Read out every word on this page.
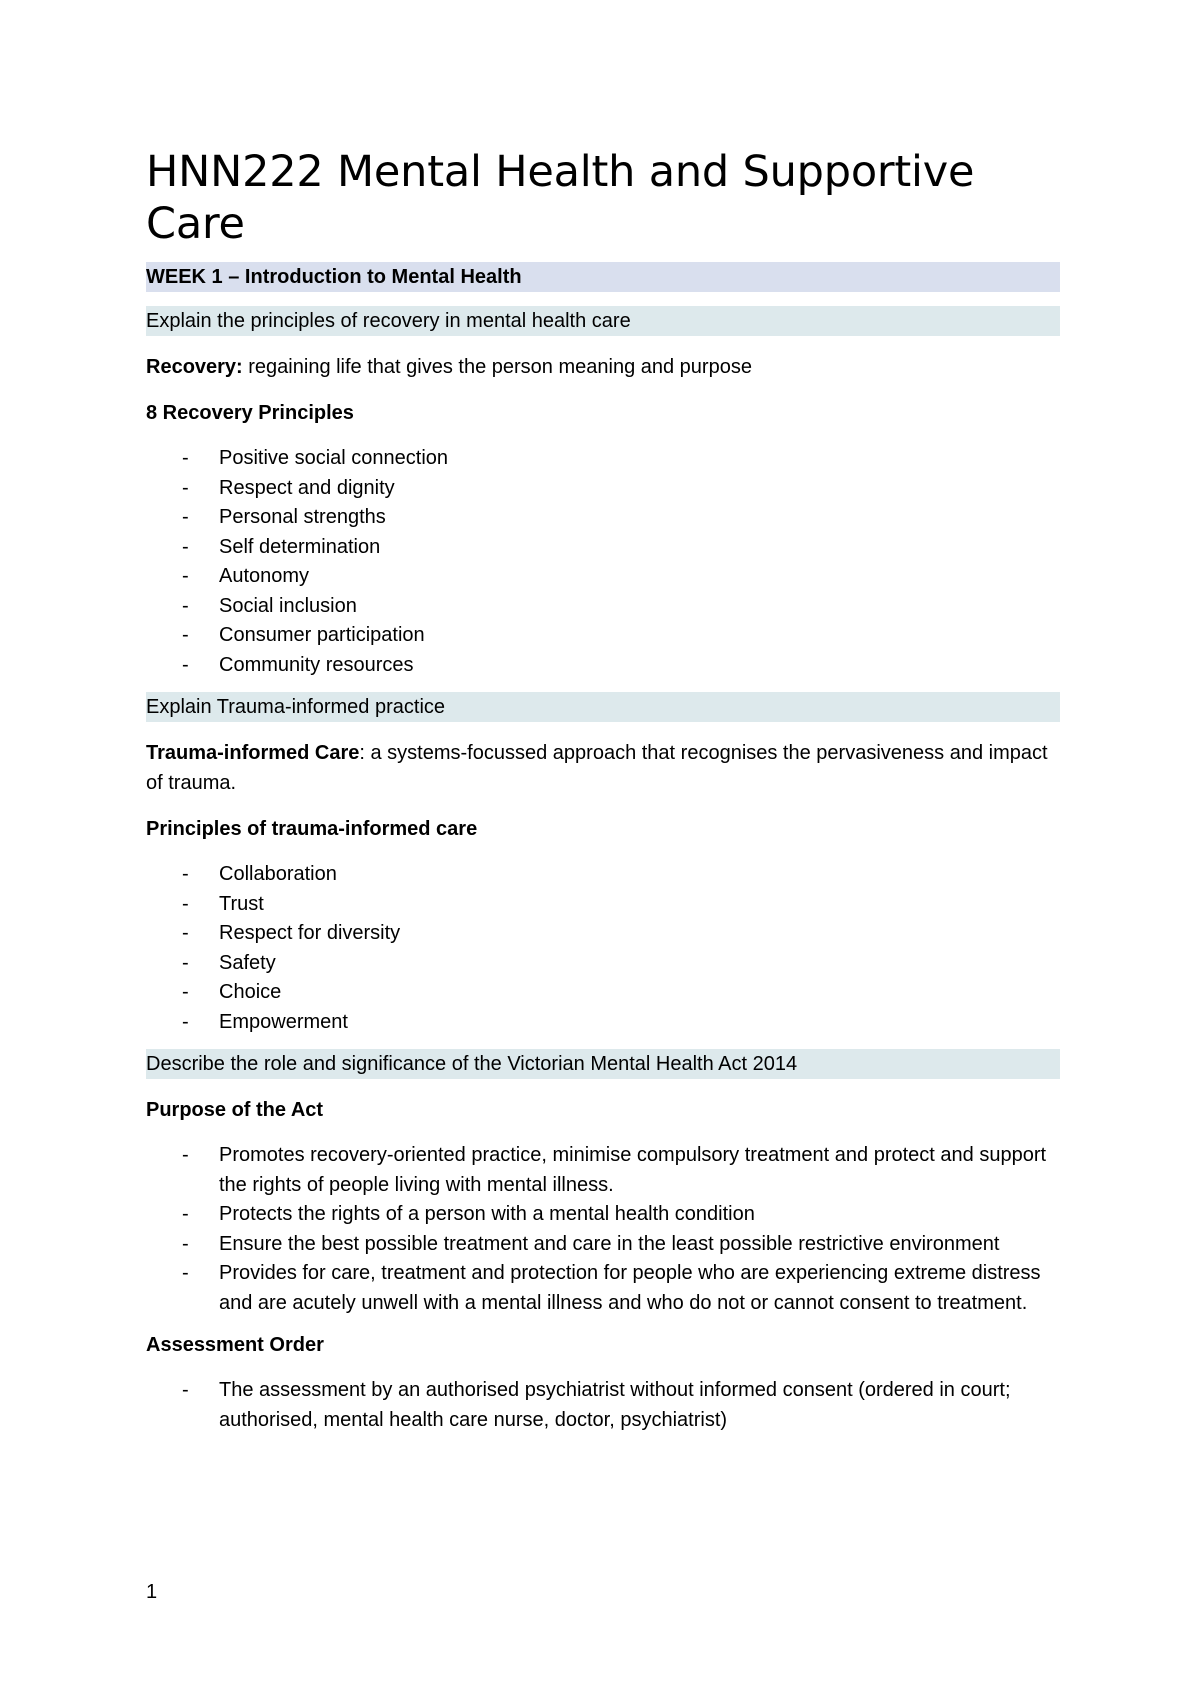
HNN222 Mental Health and Supportive Care
WEEK 1 – Introduction to Mental Health
Explain the principles of recovery in mental health care

Recovery: regaining life that gives the person meaning and purpose

8 Recovery Principles

- Positive social connection
- Respect and dignity
- Personal strengths
- Self determination
- Autonomy
- Social inclusion
- Consumer participation
- Community resources
Explain Trauma-informed practice

Trauma-informed Care: a systems-focussed approach that recognises the pervasiveness and impact of trauma.

Principles of trauma-informed care

- Collaboration
- Trust
- Respect for diversity
- Safety
- Choice
- Empowerment
Describe the role and significance of the Victorian Mental Health Act 2014

Purpose of the Act

- Promotes recovery-oriented practice, minimise compulsory treatment and protect and support the rights of people living with mental illness.
- Protects the rights of a person with a mental health condition
- Ensure the best possible treatment and care in the least possible restrictive environment
- Provides for care, treatment and protection for people who are experiencing extreme distress and are acutely unwell with a mental illness and who do not or cannot consent to treatment.

Assessment Order

- The assessment by an authorised psychiatrist without informed consent (ordered in court; authorised, mental health care nurse, doctor, psychiatrist)
1
